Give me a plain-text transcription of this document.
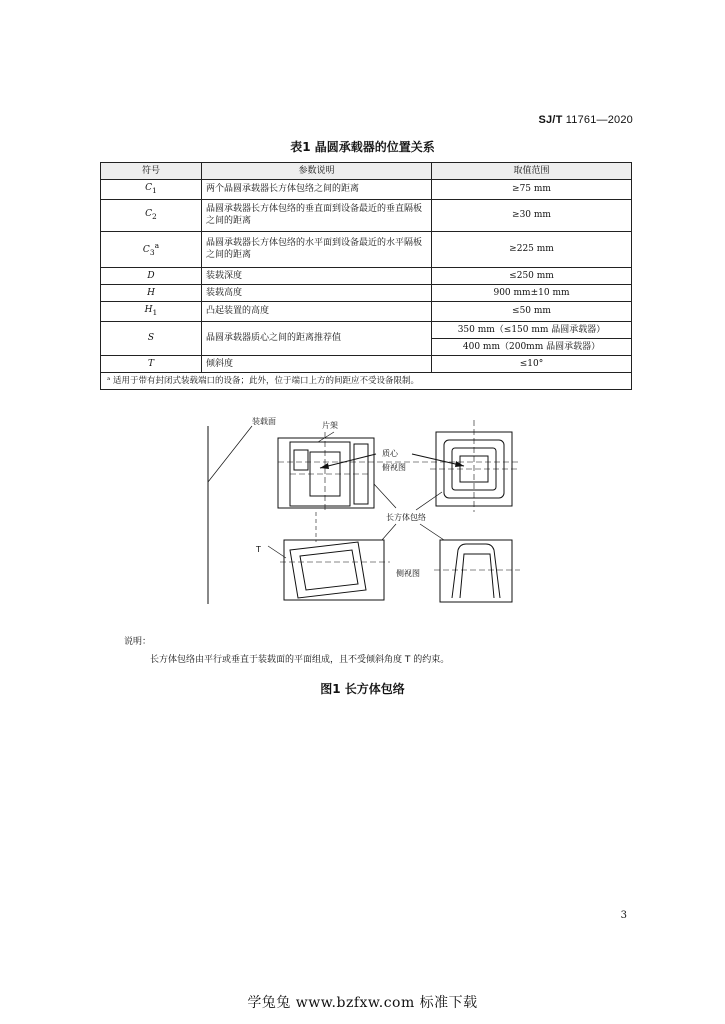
SJ/T 11761—2020
表1 晶圆承载器的位置关系
符号	参数说明	取值范围
$C_1$	两个晶圆承载器长方体包络之间的距离	≥75 mm
$C_2$	晶圆承载器长方体包络的垂直面到设备最近的垂直隔板之间的距离	≥30 mm
$C_3^a$	晶圆承载器长方体包络的水平面到设备最近的水平隔板之间的距离	≥225 mm
D	装载深度	≤250 mm
H	装载高度	900 mm±10 mm
$H_1$	凸起装置的高度	≤50 mm
S	晶圆承载器质心之间的距离推荐值	350 mm（≤150 mm 晶圆承载器）
		400 mm（200mm 晶圆承载器）
T	倾斜度	≤10°
ᵃ 适用于带有封闭式装载端口的设备；此外，位于端口上方的间距应不受设备限制。		
装载面	片架
质心
俯视图
长方体包络
T
侧视图
说明：
长方体包络由平行或垂直于装载面的平面组成，且不受倾斜角度 T 的约束。
图1 长方体包络
3
学兔兔 www.bzfxw.com 标准下载
